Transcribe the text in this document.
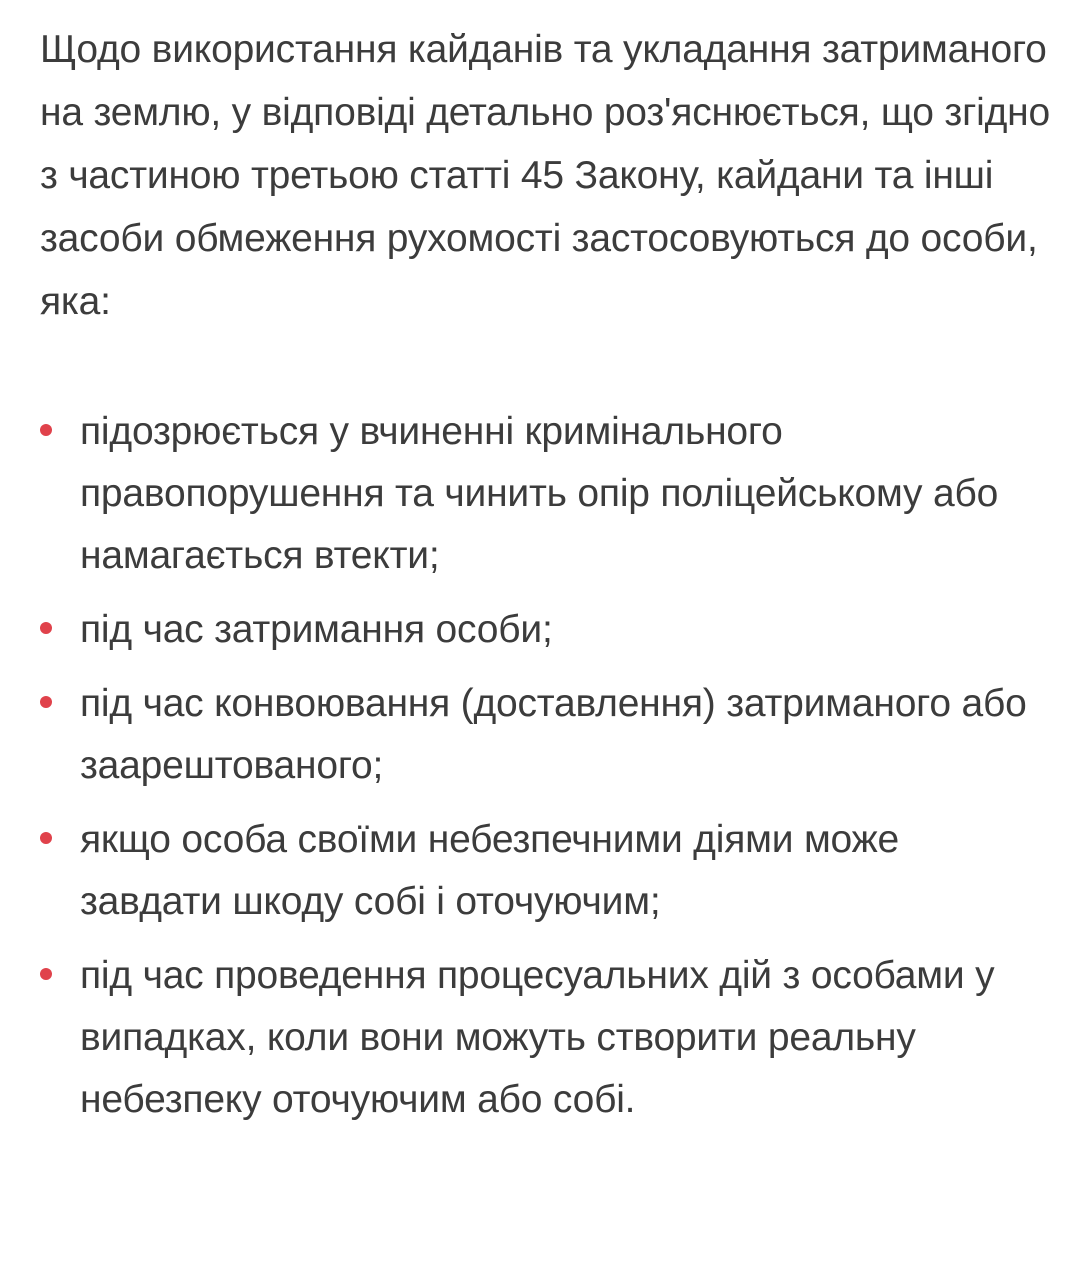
Щодо використання кайданів та укладання затриманого на землю, у відповіді детально роз'яснюється, що згідно з частиною третьою статті 45 Закону, кайдани та інші засоби обмеження рухомості застосовуються до особи, яка:

підозрюється у вчиненні кримінального правопорушення та чинить опір поліцейському або намагається втекти;
під час затримання особи;
під час конвоювання (доставлення) затриманого або заарештованого;
якщо особа своїми небезпечними діями може завдати шкоду собі і оточуючим;
під час проведення процесуальних дій з особами у випадках, коли вони можуть створити реальну небезпеку оточуючим або собі.
